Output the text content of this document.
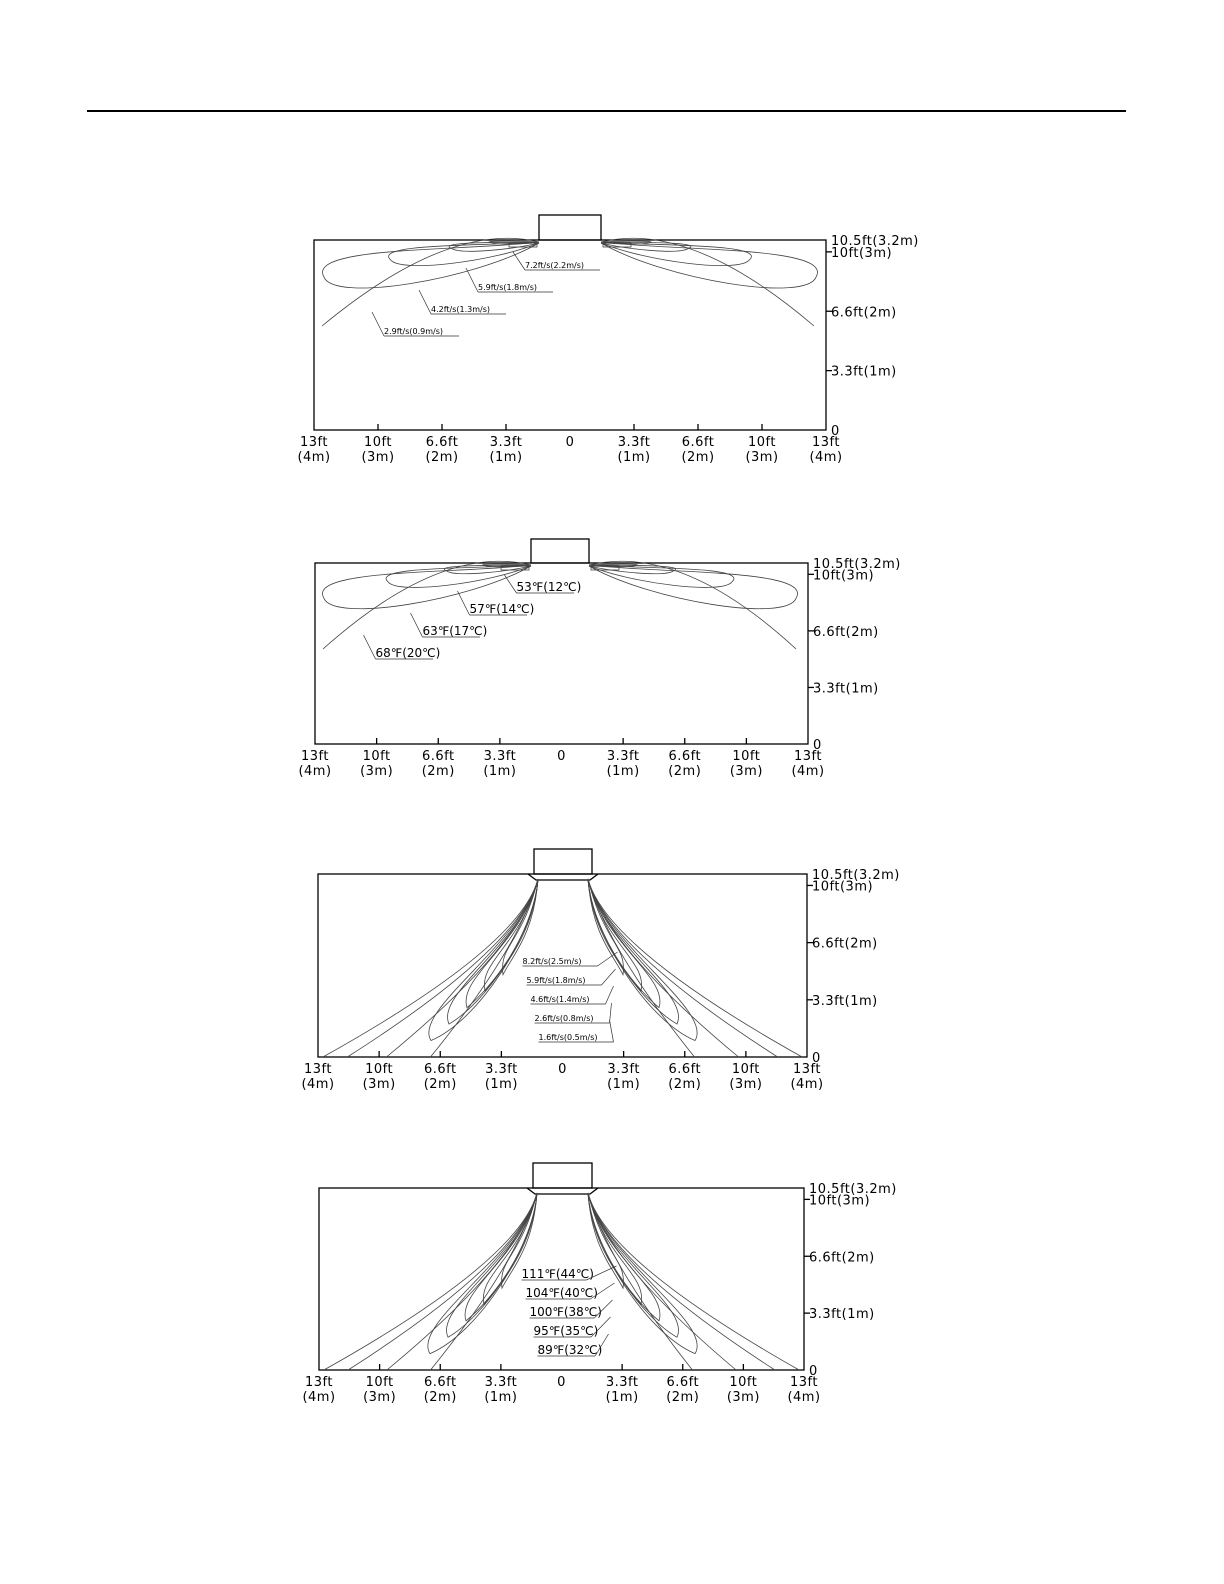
7.2ft/s(2.2m/s)
5.9ft/s(1.8m/s)
4.2ft/s(1.3m/s)
2.9ft/s(0.9m/s)
13ft
(4m)
10ft
(3m)
6.6ft
(2m)
3.3ft
(1m)
0	3.3ft
(1m)
6.6ft
(2m)
10ft
(3m)
13ft
(4m)
10.5ft(3.2m)
10ft(3m)
6.6ft(2m)
3.3ft(1m)
0
53℉(12℃)
57℉(14℃)
63℉(17℃)
68℉(20℃)
13ft
(4m)
10ft
(3m)
6.6ft
(2m)
3.3ft
(1m)
0	3.3ft
(1m)
6.6ft
(2m)
10ft
(3m)
13ft
(4m)
10.5ft(3.2m)
10ft(3m)
6.6ft(2m)
3.3ft(1m)
0
8.2ft/s(2.5m/s)
5.9ft/s(1.8m/s)
4.6ft/s(1.4m/s)
2.6ft/s(0.8m/s)
1.6ft/s(0.5m/s)
13ft
(4m)
10ft
(3m)
6.6ft
(2m)
3.3ft
(1m)
0	3.3ft
(1m)
6.6ft
(2m)
10ft
(3m)
13ft
(4m)
10.5ft(3.2m)
10ft(3m)
6.6ft(2m)
3.3ft(1m)
0
111℉(44℃)
104℉(40℃)
100℉(38℃)
95℉(35℃)
89℉(32℃)
13ft
(4m)
10ft
(3m)
6.6ft
(2m)
3.3ft
(1m)
0	3.3ft
(1m)
6.6ft
(2m)
10ft
(3m)
13ft
(4m)
10.5ft(3.2m)
10ft(3m)
6.6ft(2m)
3.3ft(1m)
0
